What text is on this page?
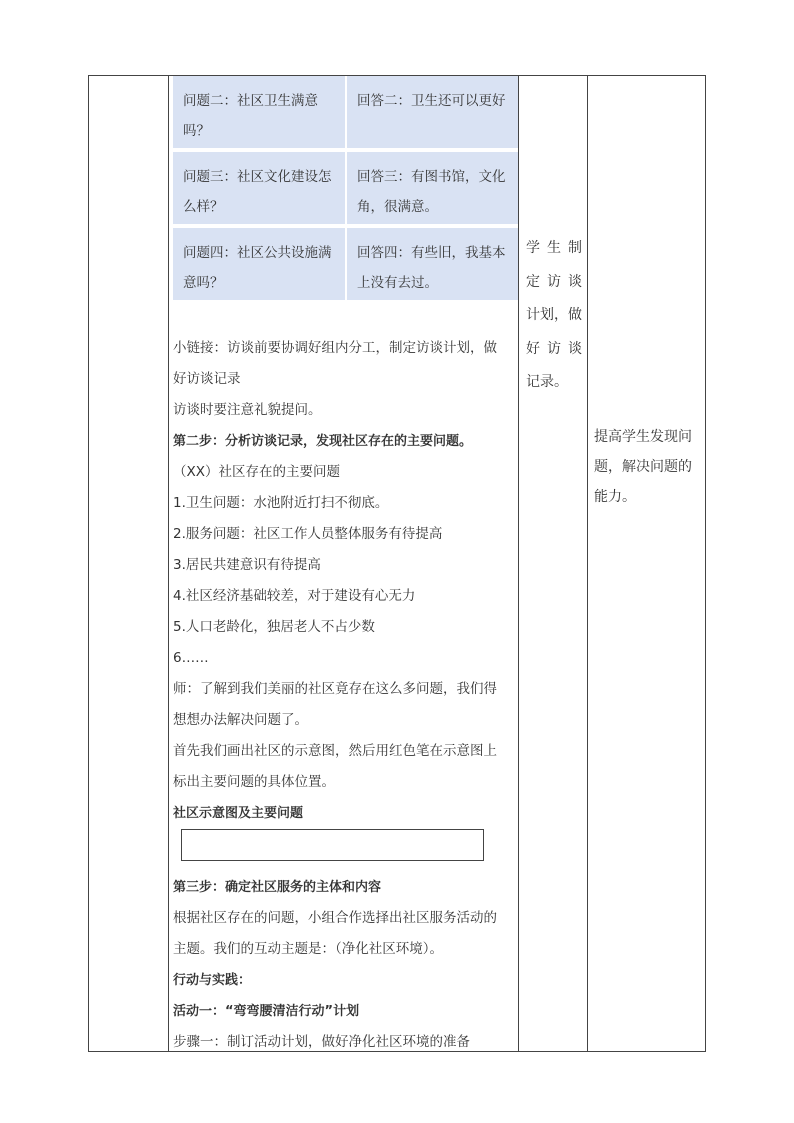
问题二：社区卫生满意
吗？
回答二：卫生还可以更好
问题三：社区文化建设怎
么样？
回答三：有图书馆，文化
角，很满意。
问题四：社区公共设施满
意吗？
回答四：有些旧，我基本
上没有去过。
小链接：访谈前要协调好组内分工，制定访谈计划，做
好访谈记录
访谈时要注意礼貌提问。
第二步：分析访谈记录，发现社区存在的主要问题。
（XX）社区存在的主要问题
1.卫生问题：水池附近打扫不彻底。
2.服务问题：社区工作人员整体服务有待提高
3.居民共建意识有待提高
4.社区经济基础较差，对于建设有心无力
5.人口老龄化，独居老人不占少数
6……
师：了解到我们美丽的社区竟存在这么多问题，我们得
想想办法解决问题了。
首先我们画出社区的示意图，然后用红色笔在示意图上
标出主要问题的具体位置。
社区示意图及主要问题
第三步：确定社区服务的主体和内容
根据社区存在的问题，小组合作选择出社区服务活动的
主题。我们的互动主题是：（净化社区环境）。
行动与实践：
活动一：“弯弯腰清洁行动”计划
步骤一：制订活动计划，做好净化社区环境的准备
学生制
定访谈
计划，做
好访谈
记录。
提高学生发现问
题，解决问题的
能力。
